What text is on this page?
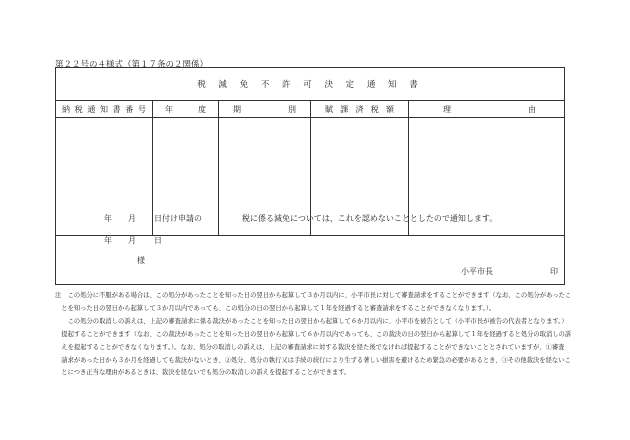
第２２号の４様式（第１７条の２関係）
税 減 免 不 許 可 決 定 通 知 書
納 税 通 知 書 番 号 年	度	期	別	賦 課 済 税 額	理	由
年 月 日付け申請の	税に係る減免については、これを認めないこととしたので通知します。
年 月 日
様
小平市長	印
注　この処分に不服がある場合は、この処分があったことを知った日の翌日から起算して３か月以内に、小平市長に対して審査請求をすることができます（なお、この処分があったこ
　とを知った日の翌日から起算して３か月以内であっても、この処分の日の翌日から起算して１年を経過すると審査請求をすることができなくなります。）。
　　この処分の取消しの訴えは、上記の審査請求に係る裁決があったことを知った日の翌日から起算して６か月以内に、小平市を被告として（小平市長が被告の代表者となります。）
　提起することができます（なお、この裁決があったことを知った日の翌日から起算して６か月以内であっても、この裁決の日の翌日から起算して１年を経過すると処分の取消しの訴
　えを提起することができなくなります。）。なお、処分の取消しの訴えは、上記の審査請求に対する裁決を経た後でなければ提起することができないこととされていますが、①審査
　請求があった日から３か月を経過しても裁決がないとき、②処分、処分の執行又は手続の続行により生ずる著しい損害を避けるため緊急の必要があるとき、③その他裁決を経ないこ
　とにつき正当な理由があるときは、裁決を経ないでも処分の取消しの訴えを提起することができます。
